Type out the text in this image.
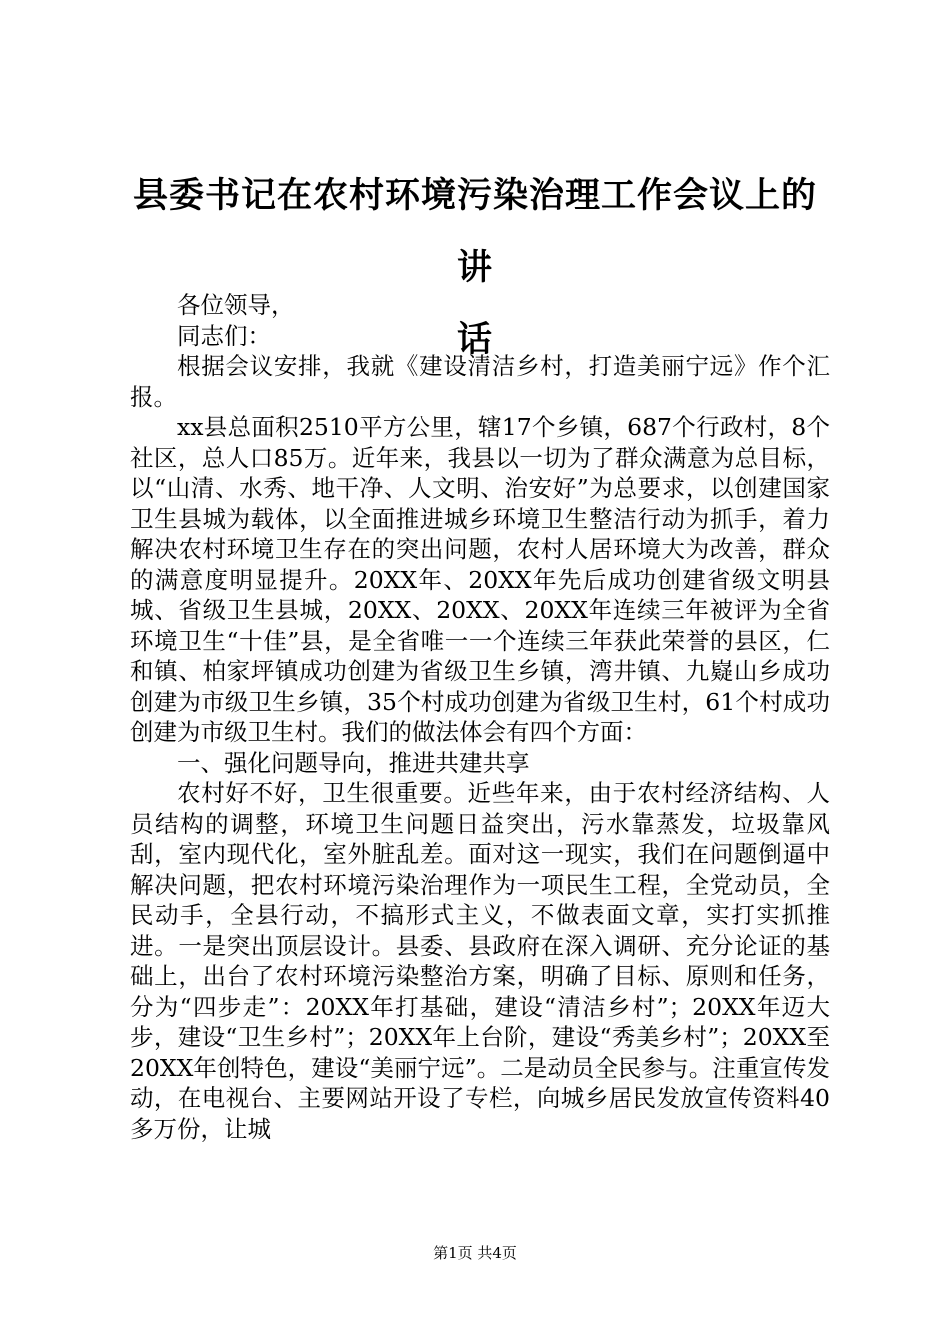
县委书记在农村环境污染治理工作会议上的讲
话

各位领导，

同志们：

根据会议安排，我就《建设清洁乡村，打造美丽宁远》作个汇报。

xx县总面积2510平方公里，辖17个乡镇，687个行政村，8个社区，总人口85万。近年来，我县以一切为了群众满意为总目标，以“山清、水秀、地干净、人文明、治安好”为总要求，以创建国家卫生县城为载体，以全面推进城乡环境卫生整洁行动为抓手，着力解决农村环境卫生存在的突出问题，农村人居环境大为改善，群众的满意度明显提升。20XX年、20XX年先后成功创建省级文明县城、省级卫生县城，20XX、20XX、20XX年连续三年被评为全省环境卫生“十佳”县，是全省唯一一个连续三年获此荣誉的县区，仁和镇、柏家坪镇成功创建为省级卫生乡镇，湾井镇、九嶷山乡成功创建为市级卫生乡镇，35个村成功创建为省级卫生村，61个村成功创建为市级卫生村。我们的做法体会有四个方面：

一、强化问题导向，推进共建共享

农村好不好，卫生很重要。近些年来，由于农村经济结构、人员结构的调整，环境卫生问题日益突出，污水靠蒸发，垃圾靠风刮，室内现代化，室外脏乱差。面对这一现实，我们在问题倒逼中解决问题，把农村环境污染治理作为一项民生工程，全党动员，全民动手，全县行动，不搞形式主义，不做表面文章，实打实抓推进。一是突出顶层设计。县委、县政府在深入调研、充分论证的基础上，出台了农村环境污染整治方案，明确了目标、原则和任务，分为“四步走”：20XX年打基础，建设“清洁乡村”；20XX年迈大步，建设“卫生乡村”；20XX年上台阶，建设“秀美乡村”；20XX至20XX年创特色，建设“美丽宁远”。二是动员全民参与。注重宣传发动，在电视台、主要网站开设了专栏，向城乡居民发放宣传资料40多万份，让城

第1页 共4页
